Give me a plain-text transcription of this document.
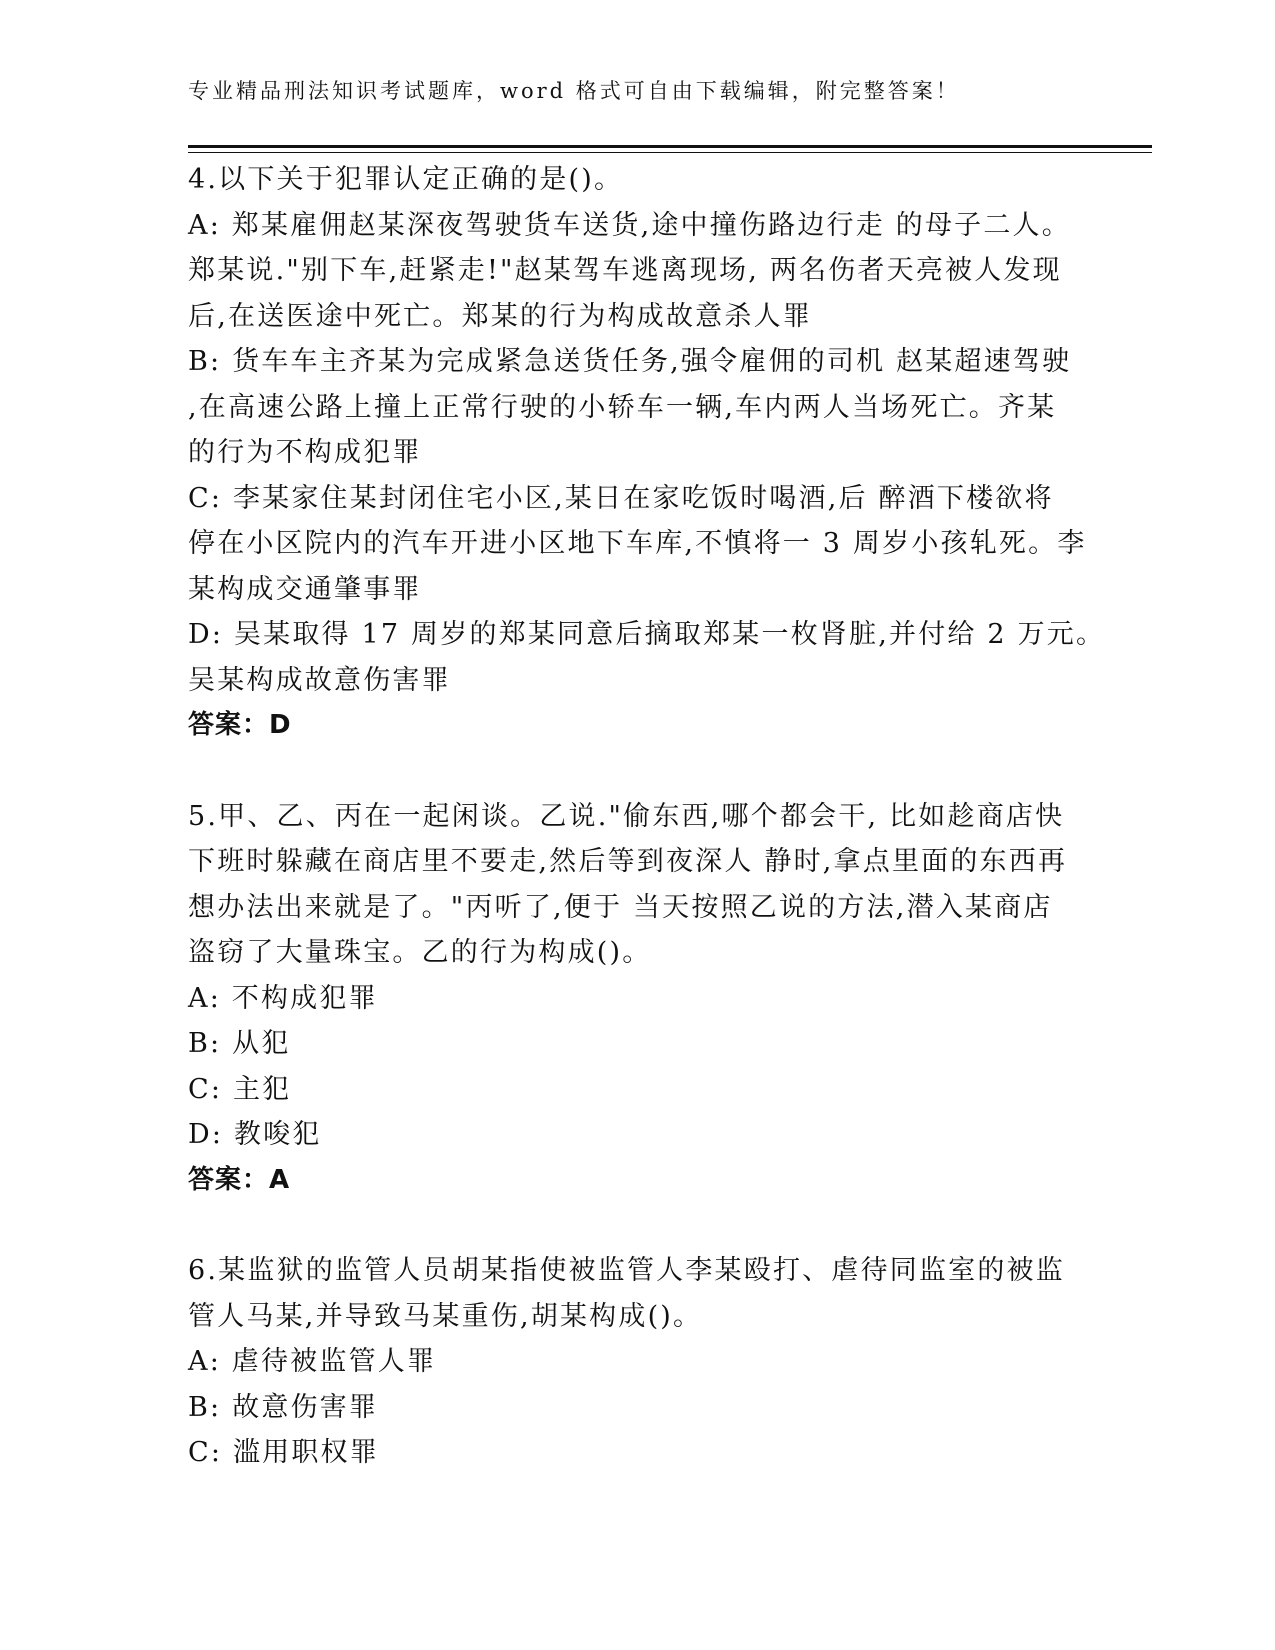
专业精品刑法知识考试题库，word 格式可自由下载编辑，附完整答案！
4.以下关于犯罪认定正确的是()。
A: 郑某雇佣赵某深夜驾驶货车送货,途中撞伤路边行走 的母子二人。
郑某说."别下车,赶紧走!"赵某驾车逃离现场, 两名伤者天亮被人发现
后,在送医途中死亡。郑某的行为构成故意杀人罪
B: 货车车主齐某为完成紧急送货任务,强令雇佣的司机 赵某超速驾驶
,在高速公路上撞上正常行驶的小轿车一辆,车内两人当场死亡。齐某
的行为不构成犯罪
C: 李某家住某封闭住宅小区,某日在家吃饭时喝酒,后 醉酒下楼欲将
停在小区院内的汽车开进小区地下车库,不慎将一 3 周岁小孩轧死。李
某构成交通肇事罪
D: 吴某取得 17 周岁的郑某同意后摘取郑某一枚肾脏,并付给 2 万元。
吴某构成故意伤害罪
答案：D
5.甲、乙、丙在一起闲谈。乙说."偷东西,哪个都会干, 比如趁商店快
下班时躲藏在商店里不要走,然后等到夜深人 静时,拿点里面的东西再
想办法出来就是了。"丙听了,便于 当天按照乙说的方法,潜入某商店
盗窃了大量珠宝。乙的行为构成()。
A: 不构成犯罪
B: 从犯
C: 主犯
D: 教唆犯
答案：A
6.某监狱的监管人员胡某指使被监管人李某殴打、虐待同监室的被监
管人马某,并导致马某重伤,胡某构成()。
A: 虐待被监管人罪
B: 故意伤害罪
C: 滥用职权罪
